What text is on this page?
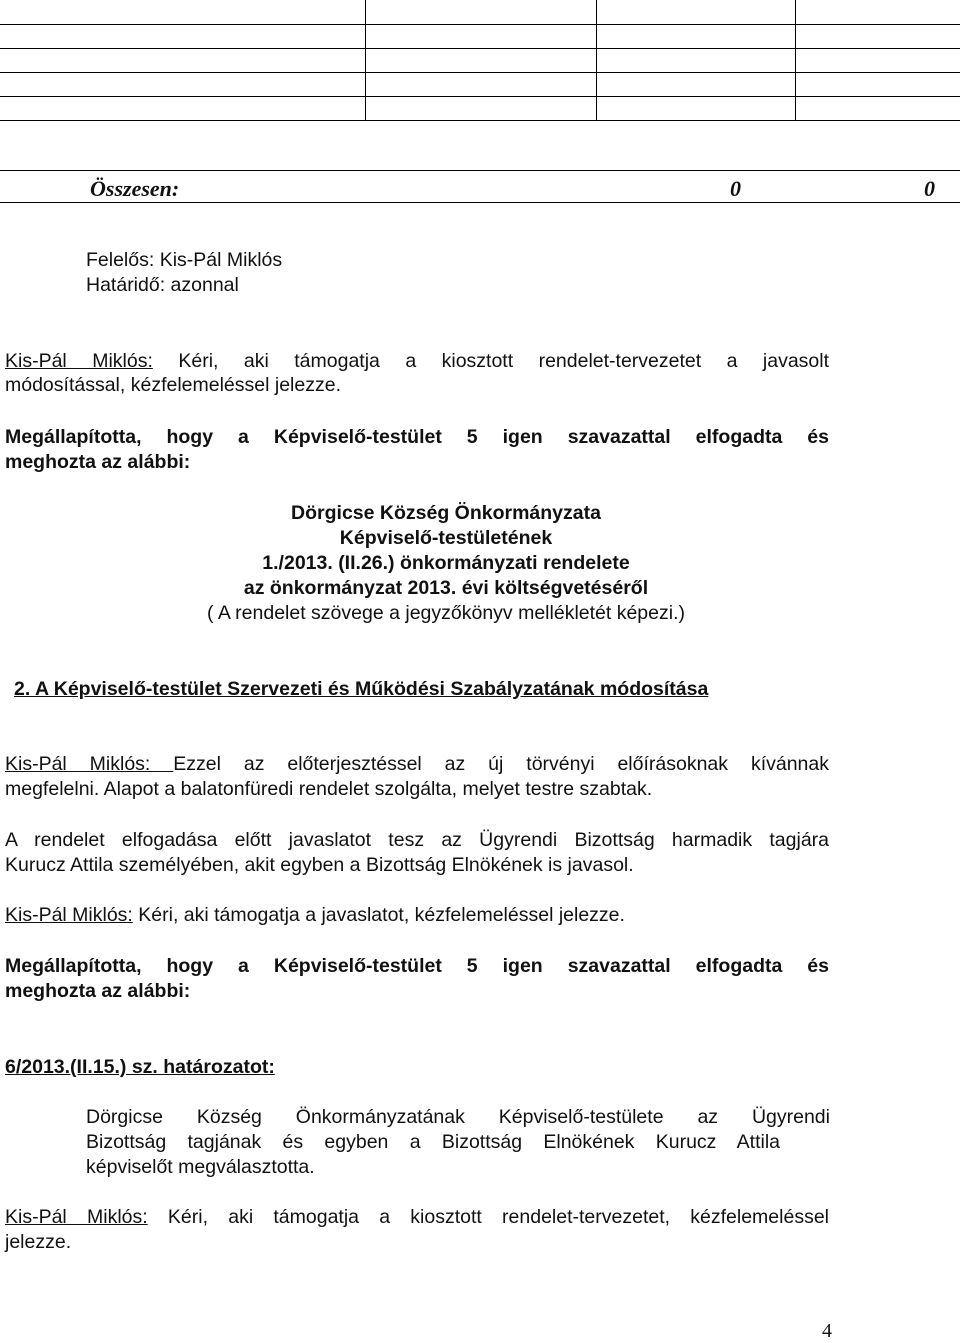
Összesen:	0	0
Felelős: Kis-Pál Miklós
Határidő: azonnal

Kis-Pál Miklós: Kéri, aki támogatja a kiosztott rendelet-tervezetet a javasolt

módosítással, kézfelemeléssel jelezze.

Megállapította, hogy a Képviselő-testület 5 igen szavazattal elfogadta és

meghozta az alábbi:
Dörgicse Község Önkormányzata
Képviselő-testületének
1./2013. (II.26.) önkormányzati rendelete
az önkormányzat 2013. évi költségvetéséről
( A rendelet szövege a jegyzőkönyv mellékletét képezi.)
2. A Képviselő-testület Szervezeti és Működési Szabályzatának módosítása

Kis-Pál Miklós: Ezzel az előterjesztéssel az új törvényi előírásoknak kívánnak

megfelelni. Alapot a balatonfüredi rendelet szolgálta, melyet testre szabtak.

A rendelet elfogadása előtt javaslatot tesz az Ügyrendi Bizottság harmadik tagjára

Kurucz Attila személyében, akit egyben a Bizottság Elnökének is javasol.
Kis-Pál Miklós: Kéri, aki támogatja a javaslatot, kézfelemeléssel jelezze.

Megállapította, hogy a Képviselő-testület 5 igen szavazattal elfogadta és

meghozta az alábbi:
6/2013.(II.15.) sz. határozatot:

Dörgicse Község Önkormányzatának Képviselő-testülete az Ügyrendi

Bizottság tagjának és egyben a Bizottság Elnökének Kurucz Attila

képviselőt megválasztotta.

Kis-Pál Miklós: Kéri, aki támogatja a kiosztott rendelet-tervezetet, kézfelemeléssel

jelezze.
4
